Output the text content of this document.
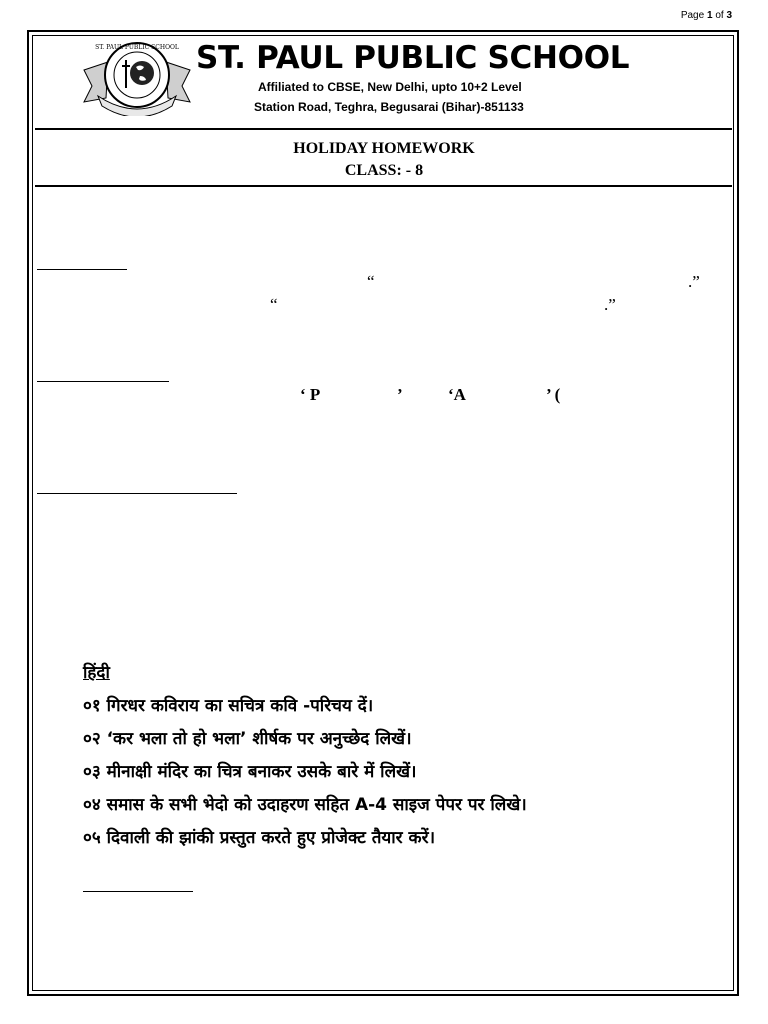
Page 1 of 3
ST. PAUL PUBLIC SCHOOL ST. PAUL PUBLIC SCHOOL
Affiliated to CBSE, New Delhi, upto 10+2 Level
Station Road, Teghra, Begusarai (Bihar)-851133
HOLIDAY HOMEWORK
CLASS: - 8
“	.”
“	.”
‘ P	’	‘A	’ (
हिंदी
०१ गिरधर कविराय का सचित्र कवि -परिचय दें।
०२ ‘कर भला तो हो भला’ शीर्षक पर अनुच्छेद लिखें।
०३ मीनाक्षी मंदिर का चित्र बनाकर उसके बारे में लिखें।
०४ समास के सभी भेदो को उदाहरण सहित A-4 साइज पेपर पर लिखे।
०५ दिवाली की झांकी प्रस्तुत करते हुए प्रोजेक्ट तैयार करें।
